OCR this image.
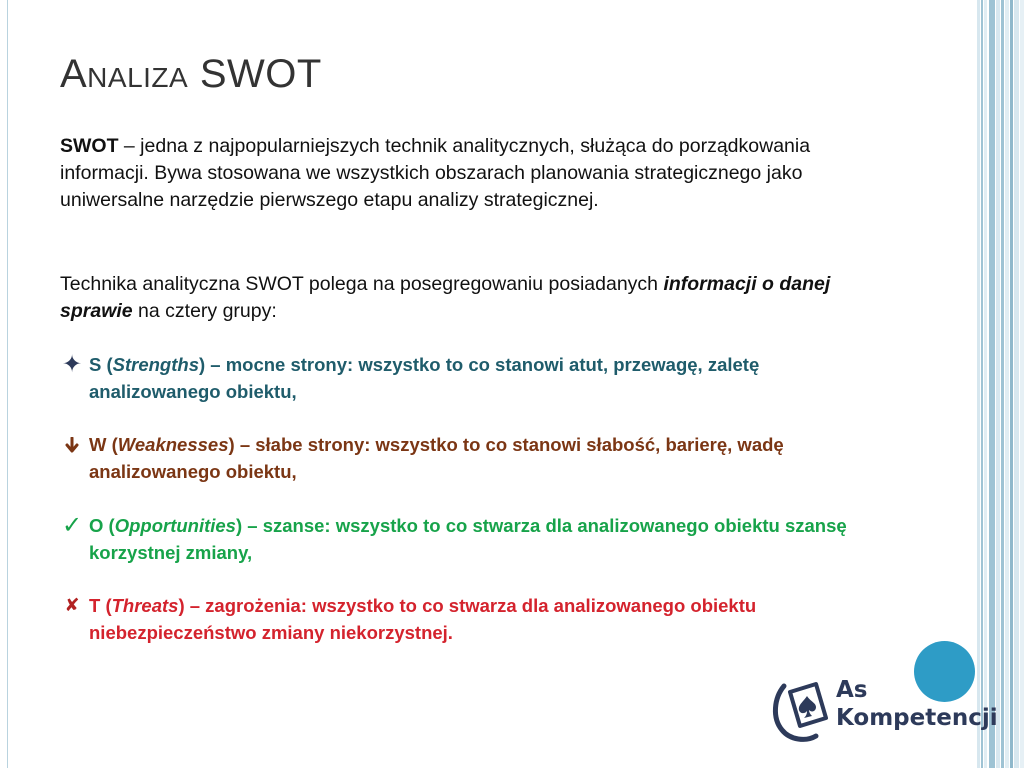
Analiza SWOT
SWOT – jedna z najpopularniejszych technik analitycznych, służąca do porządkowania informacji. Bywa stosowana we wszystkich obszarach planowania strategicznego jako uniwersalne narzędzie pierwszego etapu analizy strategicznej.
Technika analityczna SWOT polega na posegregowaniu posiadanych informacji o danej sprawie na cztery grupy:
✦ S (Strengths) – mocne strony: wszystko to co stanowi atut, przewagę, zaletę analizowanego obiektu,
W (Weaknesses) – słabe strony: wszystko to co stanowi słabość, barierę, wadę analizowanego obiektu,
✓ O (Opportunities) – szanse: wszystko to co stwarza dla analizowanego obiektu szansę korzystnej zmiany,
✘ T (Threats) – zagrożenia: wszystko to co stwarza dla analizowanego obiektu niebezpieczeństwo zmiany niekorzystnej.
As
Kompetencji
